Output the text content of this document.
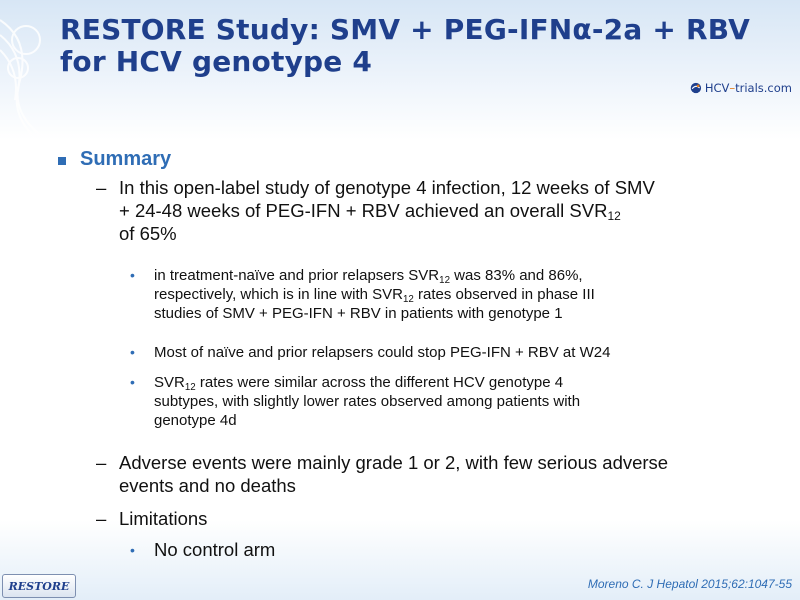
RESTORE Study: SMV + PEG-IFNα-2a + RBV
for HCV genotype 4
HCV–trials.com
Summary
– In this open-label study of genotype 4 infection, 12 weeks of SMV
+ 24-48 weeks of PEG-IFN + RBV achieved an overall $SVR_{12}$
of 65%
• in treatment-naïve and prior relapsers $SVR_{12}$ was 83% and 86%,
respectively, which is in line with $SVR_{12}$ rates observed in phase III
studies of SMV + PEG-IFN + RBV in patients with genotype 1
• Most of naïve and prior relapsers could stop PEG-IFN + RBV at W24
• $SVR_{12}$ rates were similar across the different HCV genotype 4
subtypes, with slightly lower rates observed among patients with
genotype 4d
– Adverse events were mainly grade 1 or 2, with few serious adverse
events and no deaths
– Limitations
• No control arm
RESTORE	Moreno C. J Hepatol 2015;62:1047-55
